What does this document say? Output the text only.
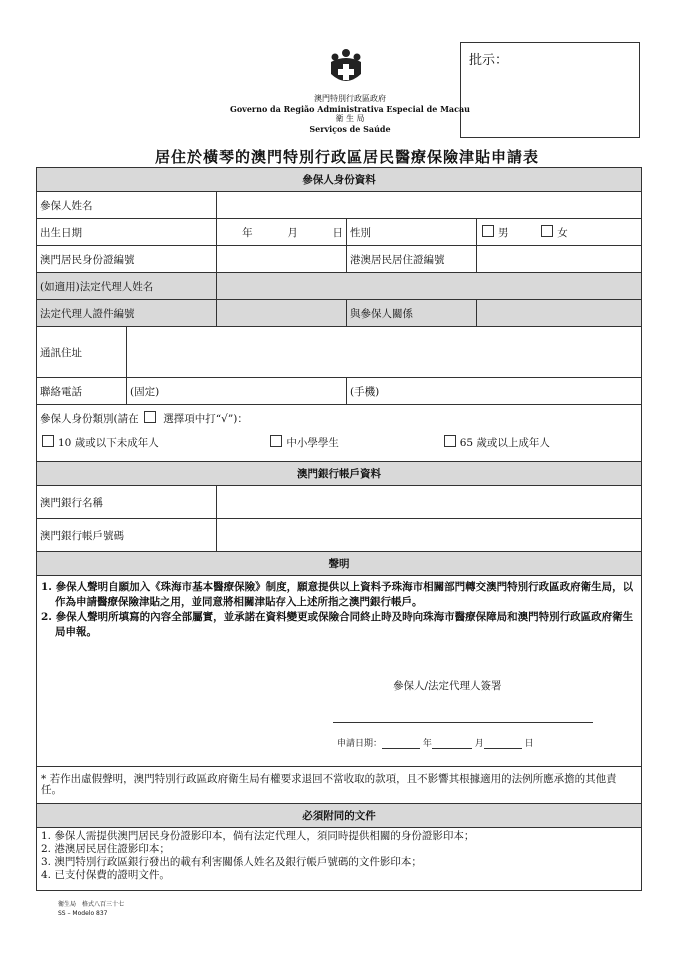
批示：
澳門特別行政區政府
Governo da Região Administrativa Especial de Macau
衛 生 局
Serviços de Saúde
居住於橫琴的澳門特別行政區居民醫療保險津貼申請表
參保人身份資料				
參保人姓名				
出生日期		年 月 日	性別	男 女
澳門居民身份證編號			港澳居民居住證編號	
(如適用)法定代理人姓名				
法定代理人證件編號			與參保人關係	
通訊住址				
聯絡電話	(固定)		(手機)	

參保人身份類別(請在 選擇項中打“√”)：
10 歲或以下未成年人 中小學學生 65 歲或以上成年人				

澳門銀行帳戶資料				
澳門銀行名稱				
澳門銀行帳戶號碼				
聲明				

1. 參保人聲明自願加入《珠海市基本醫療保險》制度，願意提供以上資料予珠海市相關部門轉交澳門特別行政區政府衛生局，以作為申請醫療保險津貼之用，並同意將相關津貼存入上述所指之澳門銀行帳戶。

2. 參保人聲明所填寫的內容全部屬實，並承諾在資料變更或保險合同終止時及時向珠海市醫療保障局和澳門特別行政區政府衛生局申報。

參保人/法定代理人簽署
申請日期： 年 月 日				

* 若作出虛假聲明，澳門特別行政區政府衛生局有權要求退回不當收取的款項，且不影響其根據適用的法例所應承擔的其他責任。				
必須附同的文件				

1. 參保人需提供澳門居民身份證影印本，倘有法定代理人，須同時提供相關的身份證影印本；
2. 港澳居民居住證影印本；
3. 澳門特別行政區銀行發出的載有利害關係人姓名及銀行帳戶號碼的文件影印本；
4. 已支付保費的證明文件。				
衛生局　格式八百三十七
SS – Modelo 837
